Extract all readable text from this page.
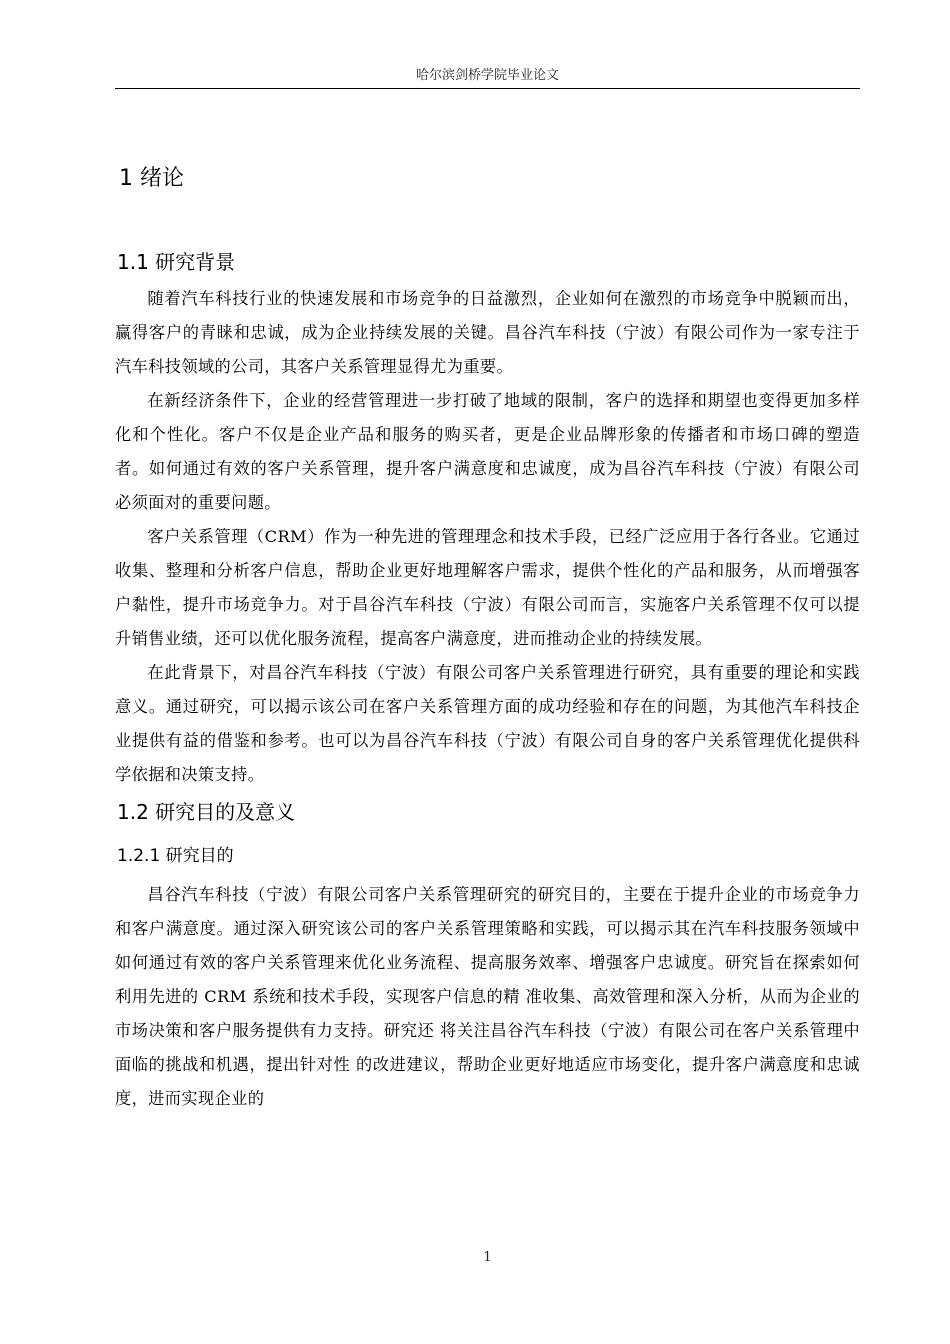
哈尔滨剑桥学院毕业论文
1 绪论
1.1 研究背景

随着汽车科技行业的快速发展和市场竞争的日益激烈，企业如何在激烈的市场竞争中脱颖而出，赢得客户的青睐和忠诚，成为企业持续发展的关键。昌谷汽车科技（宁波）有限公司作为一家专注于汽车科技领域的公司，其客户关系管理显得尤为重要。

在新经济条件下，企业的经营管理进一步打破了地域的限制，客户的选择和期望也变得更加多样化和个性化。客户不仅是企业产品和服务的购买者，更是企业品牌形象的传播者和市场口碑的塑造者。如何通过有效的客户关系管理，提升客户满意度和忠诚度，成为昌谷汽车科技（宁波）有限公司必须面对的重要问题。

客户关系管理（CRM）作为一种先进的管理理念和技术手段，已经广泛应用于各行各业。它通过收集、整理和分析客户信息，帮助企业更好地理解客户需求，提供个性化的产品和服务，从而增强客户黏性，提升市场竞争力。对于昌谷汽车科技（宁波）有限公司而言，实施客户关系管理不仅可以提升销售业绩，还可以优化服务流程，提高客户满意度，进而推动企业的持续发展。

在此背景下，对昌谷汽车科技（宁波）有限公司客户关系管理进行研究，具有重要的理论和实践意义。通过研究，可以揭示该公司在客户关系管理方面的成功经验和存在的问题，为其他汽车科技企业提供有益的借鉴和参考。也可以为昌谷汽车科技（宁波）有限公司自身的客户关系管理优化提供科学依据和决策支持。

1.2 研究目的及意义
1.2.1 研究目的

昌谷汽车科技（宁波）有限公司客户关系管理研究的研究目的，主要在于提升企业的市场竞争力和客户满意度。通过深入研究该公司的客户关系管理策略和实践，可以揭示其在汽车科技服务领域中如何通过有效的客户关系管理来优化业务流程、提高服务效率、增强客户忠诚度。研究旨在探索如何利用先进的 CRM 系统和技术手段，实现客户信息的精 准收集、高效管理和深入分析，从而为企业的市场决策和客户服务提供有力支持。研究还 将关注昌谷汽车科技（宁波）有限公司在客户关系管理中面临的挑战和机遇，提出针对性 的改进建议，帮助企业更好地适应市场变化，提升客户满意度和忠诚度，进而实现企业的

1
